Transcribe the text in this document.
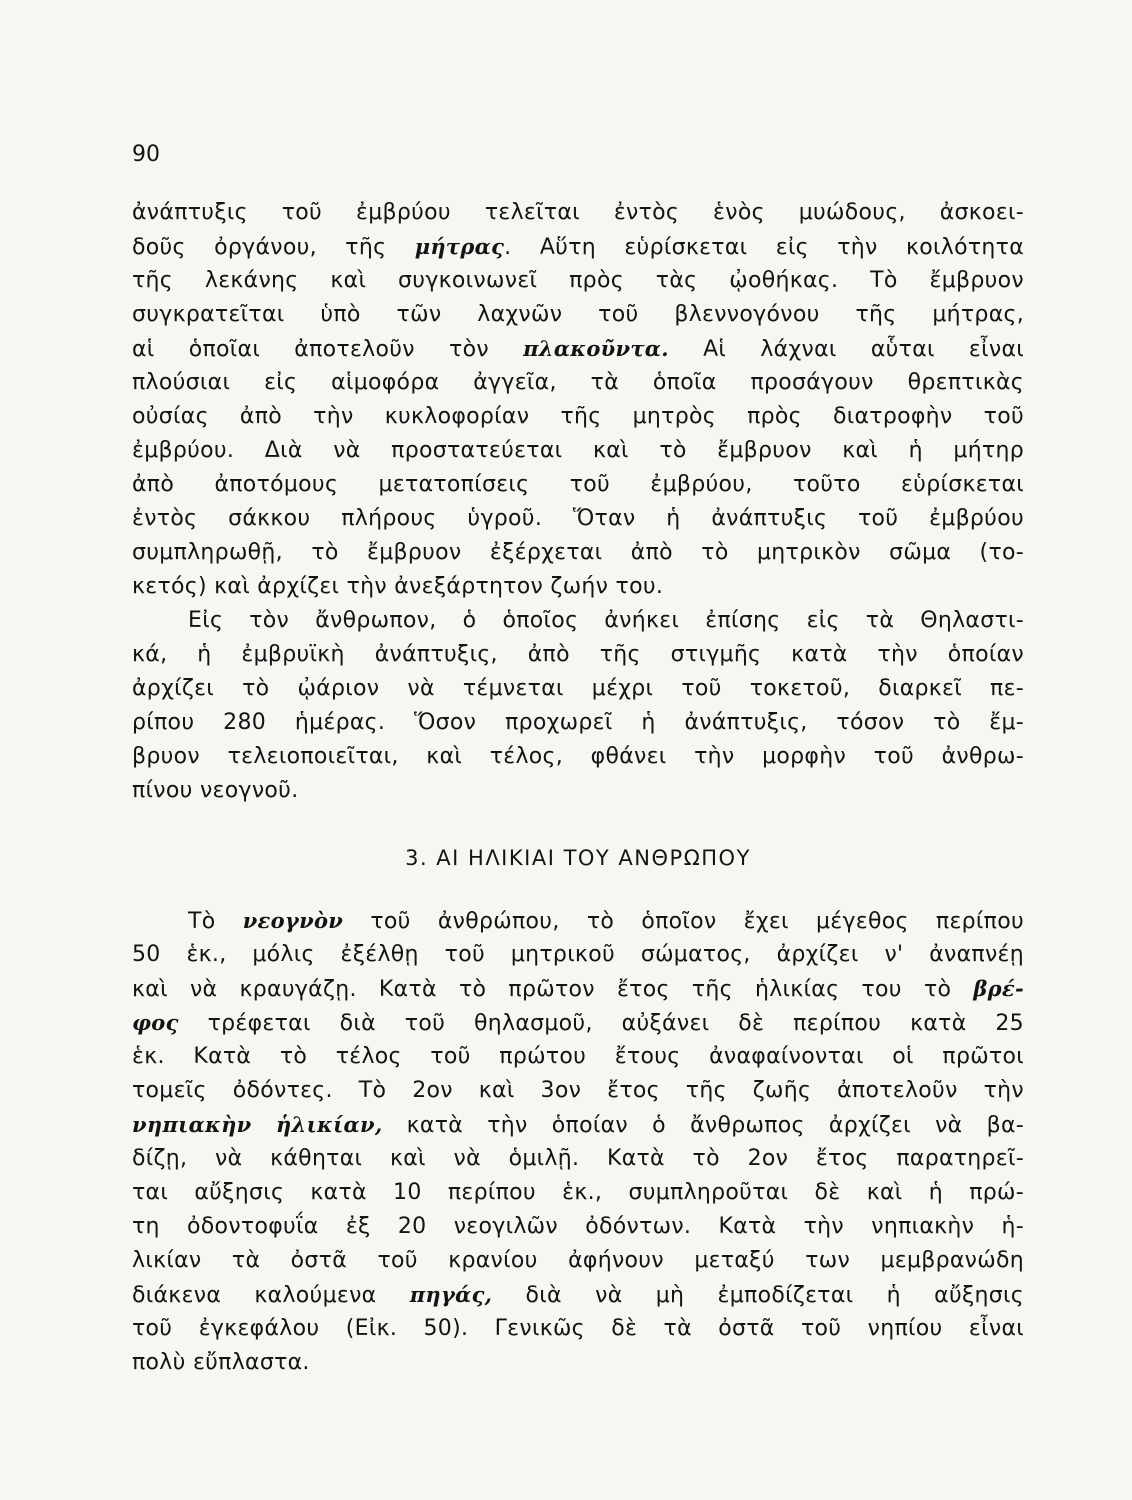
90
ἀνάπτυξις τοῦ ἐμβρύου τελεῖται ἐντὸς ἑνὸς μυώδους, ἀσκοει-
δοῦς ὀργάνου, τῆς μήτρας. Αὕτη εὑρίσκεται εἰς τὴν κοιλότητα
τῆς λεκάνης καὶ συγκοινωνεῖ πρὸς τὰς ᾠοθήκας. Τὸ ἔμβρυον
συγκρατεῖται ὑπὸ τῶν λαχνῶν τοῦ βλεννογόνου τῆς μήτρας,
αἱ ὁποῖαι ἀποτελοῦν τὸν πλακοῦντα. Αἱ λάχναι αὗται εἶναι
πλούσιαι εἰς αἱμοφόρα ἀγγεῖα, τὰ ὁποῖα προσάγουν θρεπτικὰς
οὐσίας ἀπὸ τὴν κυκλοφορίαν τῆς μητρὸς πρὸς διατροφὴν τοῦ
ἐμβρύου. Διὰ νὰ προστατεύεται καὶ τὸ ἔμβρυον καὶ ἡ μήτηρ
ἀπὸ ἀποτόμους μετατοπίσεις τοῦ ἐμβρύου, τοῦτο εὑρίσκεται
ἐντὸς σάκκου πλήρους ὑγροῦ. Ὅταν ἡ ἀνάπτυξις τοῦ ἐμβρύου
συμπληρωθῇ, τὸ ἔμβρυον ἐξέρχεται ἀπὸ τὸ μητρικὸν σῶμα (το-
κετός) καὶ ἀρχίζει τὴν ἀνεξάρτητον ζωήν του.
Εἰς τὸν ἄνθρωπον, ὁ ὁποῖος ἀνήκει ἐπίσης εἰς τὰ Θηλαστι-
κά, ἡ ἐμβρυϊκὴ ἀνάπτυξις, ἀπὸ τῆς στιγμῆς κατὰ τὴν ὁποίαν
ἀρχίζει τὸ ᾠάριον νὰ τέμνεται μέχρι τοῦ τοκετοῦ, διαρκεῖ πε-
ρίπου 280 ἡμέρας. Ὅσον προχωρεῖ ἡ ἀνάπτυξις, τόσον τὸ ἔμ-
βρυον τελειοποιεῖται, καὶ τέλος, φθάνει τὴν μορφὴν τοῦ ἀνθρω-
πίνου νεογνοῦ.
3. ΑΙ ΗΛΙΚΙΑΙ ΤΟΥ ΑΝΘΡΩΠΟΥ
Τὸ νεογνὸν τοῦ ἀνθρώπου, τὸ ὁποῖον ἔχει μέγεθος περίπου
50 ἑκ., μόλις ἐξέλθῃ τοῦ μητρικοῦ σώματος, ἀρχίζει ν' ἀναπνέῃ
καὶ νὰ κραυγάζῃ. Κατὰ τὸ πρῶτον ἔτος τῆς ἡλικίας του τὸ βρέ-
φος τρέφεται διὰ τοῦ θηλασμοῦ, αὐξάνει δὲ περίπου κατὰ 25
ἑκ. Κατὰ τὸ τέλος τοῦ πρώτου ἔτους ἀναφαίνονται οἱ πρῶτοι
τομεῖς ὀδόντες. Τὸ 2ον καὶ 3ον ἔτος τῆς ζωῆς ἀποτελοῦν τὴν
νηπιακὴν ἡλικίαν, κατὰ τὴν ὁποίαν ὁ ἄνθρωπος ἀρχίζει νὰ βα-
δίζῃ, νὰ κάθηται καὶ νὰ ὁμιλῇ. Κατὰ τὸ 2ον ἔτος παρατηρεῖ-
ται αὔξησις κατὰ 10 περίπου ἑκ., συμπληροῦται δὲ καὶ ἡ πρώ-
τη ὀδοντοφυΐα ἐξ 20 νεογιλῶν ὀδόντων. Κατὰ τὴν νηπιακὴν ἡ-
λικίαν τὰ ὀστᾶ τοῦ κρανίου ἀφήνουν μεταξύ των μεμβρανώδη
διάκενα καλούμενα πηγάς, διὰ νὰ μὴ ἐμποδίζεται ἡ αὔξησις
τοῦ ἐγκεφάλου (Εἰκ. 50). Γενικῶς δὲ τὰ ὀστᾶ τοῦ νηπίου εἶναι
πολὺ εὔπλαστα.
